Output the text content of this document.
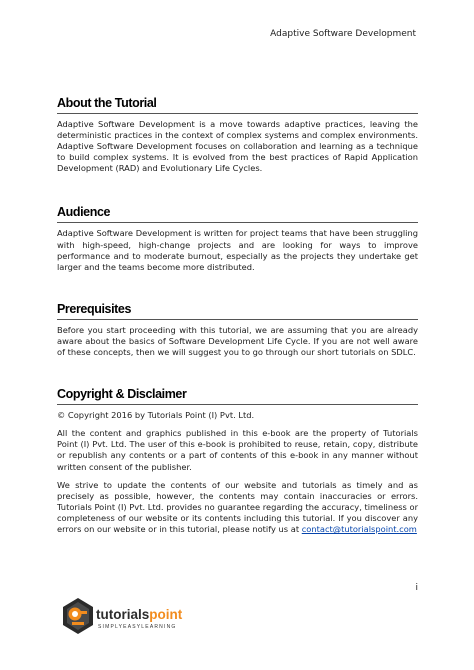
Adaptive Software Development
About the Tutorial

Adaptive Software Development is a move towards adaptive practices, leaving the deterministic practices in the context of complex systems and complex environments. Adaptive Software Development focuses on collaboration and learning as a technique to build complex systems. It is evolved from the best practices of Rapid Application Development (RAD) and Evolutionary Life Cycles.

Audience

Adaptive Software Development is written for project teams that have been struggling with high-speed, high-change projects and are looking for ways to improve performance and to moderate burnout, especially as the projects they undertake get larger and the teams become more distributed.

Prerequisites

Before you start proceeding with this tutorial, we are assuming that you are already aware about the basics of Software Development Life Cycle. If you are not well aware of these concepts, then we will suggest you to go through our short tutorials on SDLC.

Copyright & Disclaimer

© Copyright 2016 by Tutorials Point (I) Pvt. Ltd.

All the content and graphics published in this e-book are the property of Tutorials Point (I) Pvt. Ltd. The user of this e-book is prohibited to reuse, retain, copy, distribute or republish any contents or a part of contents of this e-book in any manner without written consent of the publisher.

We strive to update the contents of our website and tutorials as timely and as precisely as possible, however, the contents may contain inaccuracies or errors. Tutorials Point (I) Pvt. Ltd. provides no guarantee regarding the accuracy, timeliness or completeness of our website or its contents including this tutorial. If you discover any errors on our website or in this tutorial, please notify us at contact@tutorialspoint.com

i
tutorialspoint
SIMPLYEASYLEARNING
